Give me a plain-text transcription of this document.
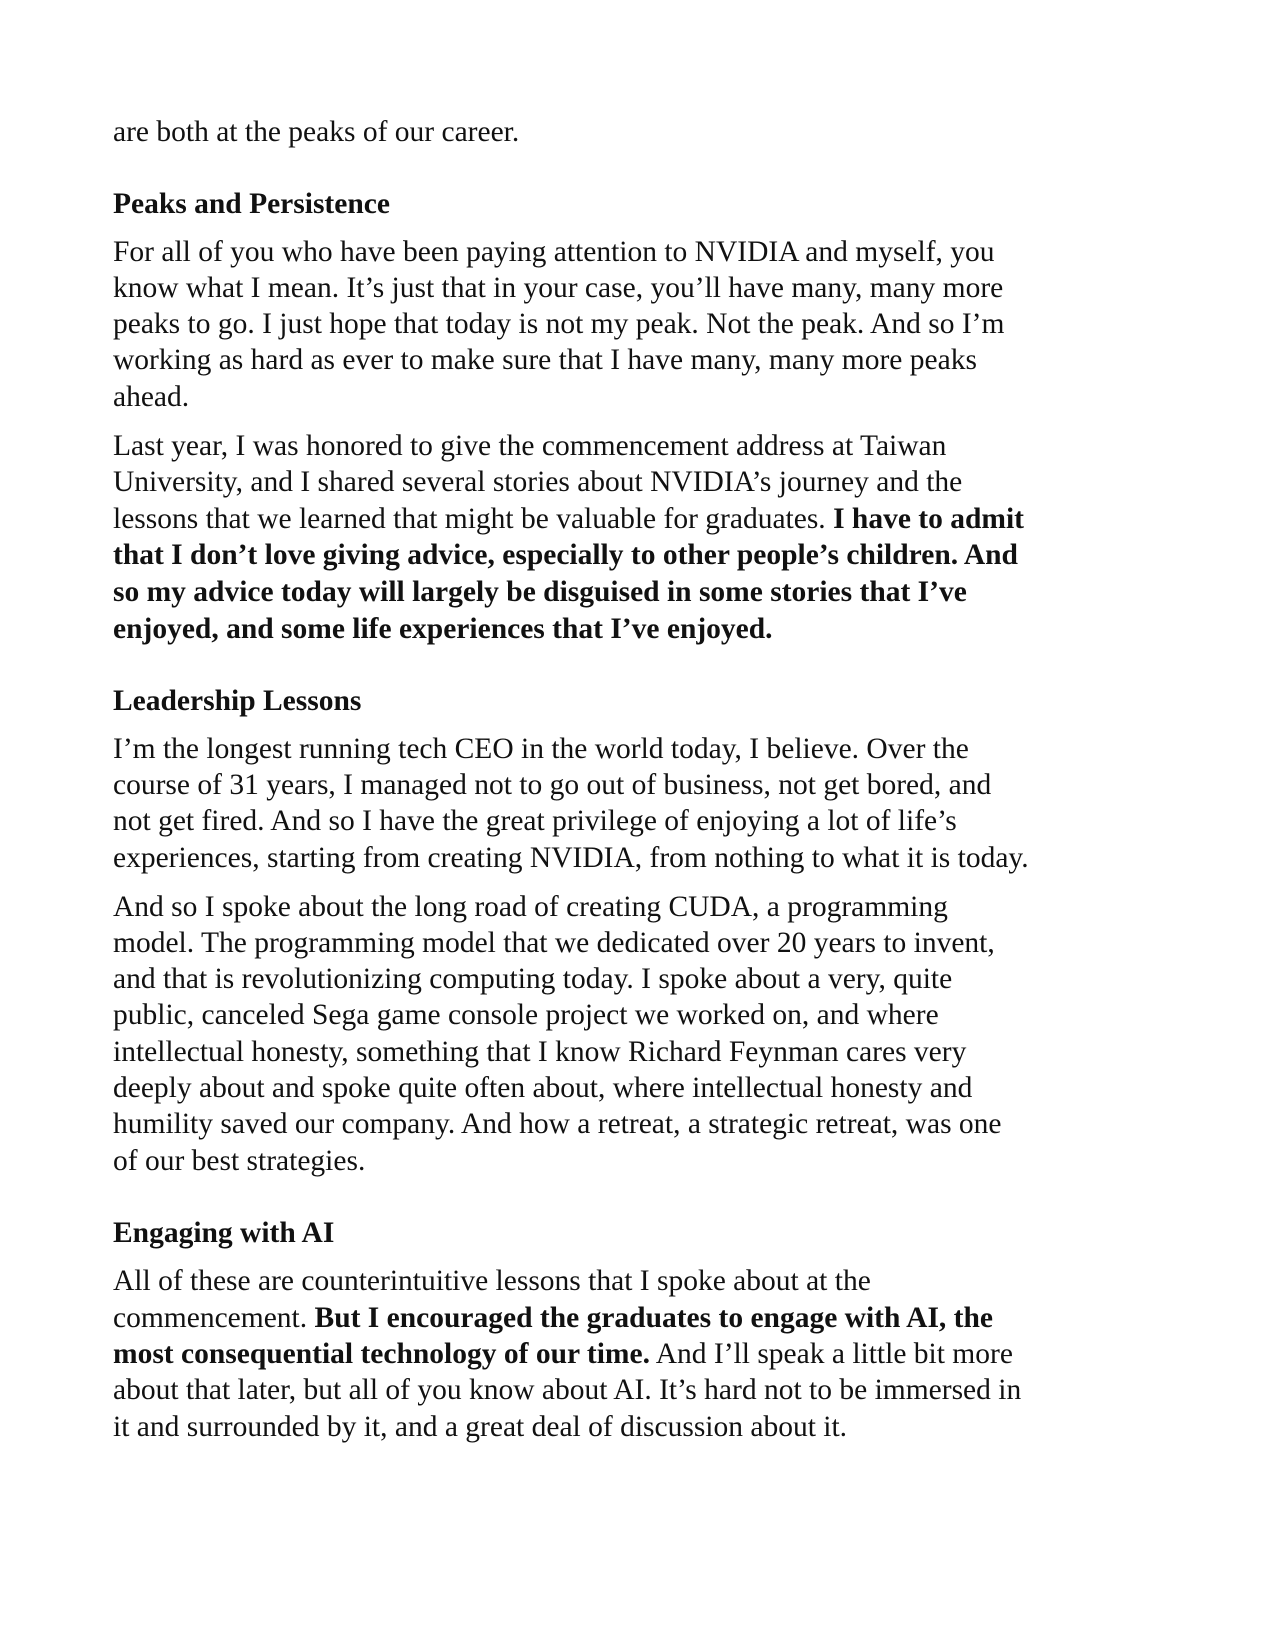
are both at the peaks of our career.
Peaks and Persistence
For all of you who have been paying attention to NVIDIA and myself, you
know what I mean. It’s just that in your case, you’ll have many, many more
peaks to go. I just hope that today is not my peak. Not the peak. And so I’m
working as hard as ever to make sure that I have many, many more peaks
ahead.
Last year, I was honored to give the commencement address at Taiwan
University, and I shared several stories about NVIDIA’s journey and the
lessons that we learned that might be valuable for graduates. I have to admit
that I don’t love giving advice, especially to other people’s children. And
so my advice today will largely be disguised in some stories that I’ve
enjoyed, and some life experiences that I’ve enjoyed.
Leadership Lessons
I’m the longest running tech CEO in the world today, I believe. Over the
course of 31 years, I managed not to go out of business, not get bored, and
not get fired. And so I have the great privilege of enjoying a lot of life’s
experiences, starting from creating NVIDIA, from nothing to what it is today.
And so I spoke about the long road of creating CUDA, a programming
model. The programming model that we dedicated over 20 years to invent,
and that is revolutionizing computing today. I spoke about a very, quite
public, canceled Sega game console project we worked on, and where
intellectual honesty, something that I know Richard Feynman cares very
deeply about and spoke quite often about, where intellectual honesty and
humility saved our company. And how a retreat, a strategic retreat, was one
of our best strategies.
Engaging with AI
All of these are counterintuitive lessons that I spoke about at the
commencement. But I encouraged the graduates to engage with AI, the
most consequential technology of our time. And I’ll speak a little bit more
about that later, but all of you know about AI. It’s hard not to be immersed in
it and surrounded by it, and a great deal of discussion about it.
